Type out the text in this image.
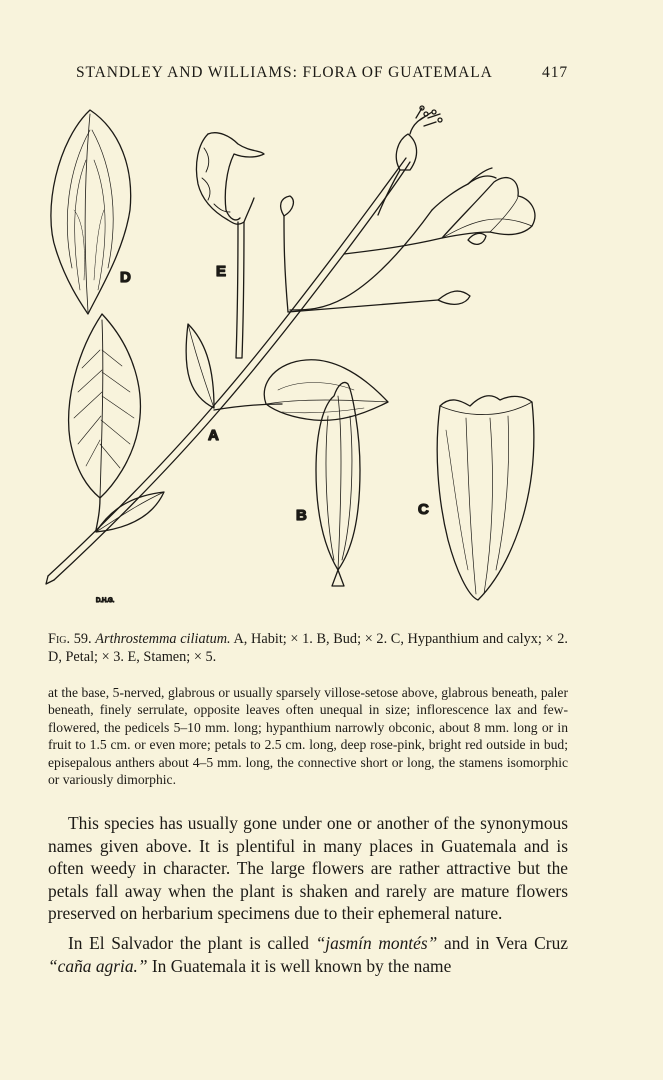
STANDLEY AND WILLIAMS: FLORA OF GUATEMALA	417
D	E
A
B	C
D.H.G.
Fig. 59. Arthrostemma ciliatum. A, Habit; × 1. B, Bud; × 2. C, Hypanthium and calyx; × 2. D, Petal; × 3. E, Stamen; × 5.
at the base, 5-nerved, glabrous or usually sparsely villose-setose above, glabrous beneath, paler beneath, finely serrulate, opposite leaves often unequal in size; inflorescence lax and few-flowered, the pedicels 5–10 mm. long; hypanthium narrowly obconic, about 8 mm. long or in fruit to 1.5 cm. or even more; petals to 2.5 cm. long, deep rose-pink, bright red outside in bud; episepalous anthers about 4–5 mm. long, the connective short or long, the stamens isomorphic or variously dimorphic.

This species has usually gone under one or another of the synonymous names given above. It is plentiful in many places in Guatemala and is often weedy in character. The large flowers are rather attractive but the petals fall away when the plant is shaken and rarely are mature flowers preserved on herbarium specimens due to their ephemeral nature.

In El Salvador the plant is called “jasmín montés” and in Vera Cruz “caña agria.” In Guatemala it is well known by the name
